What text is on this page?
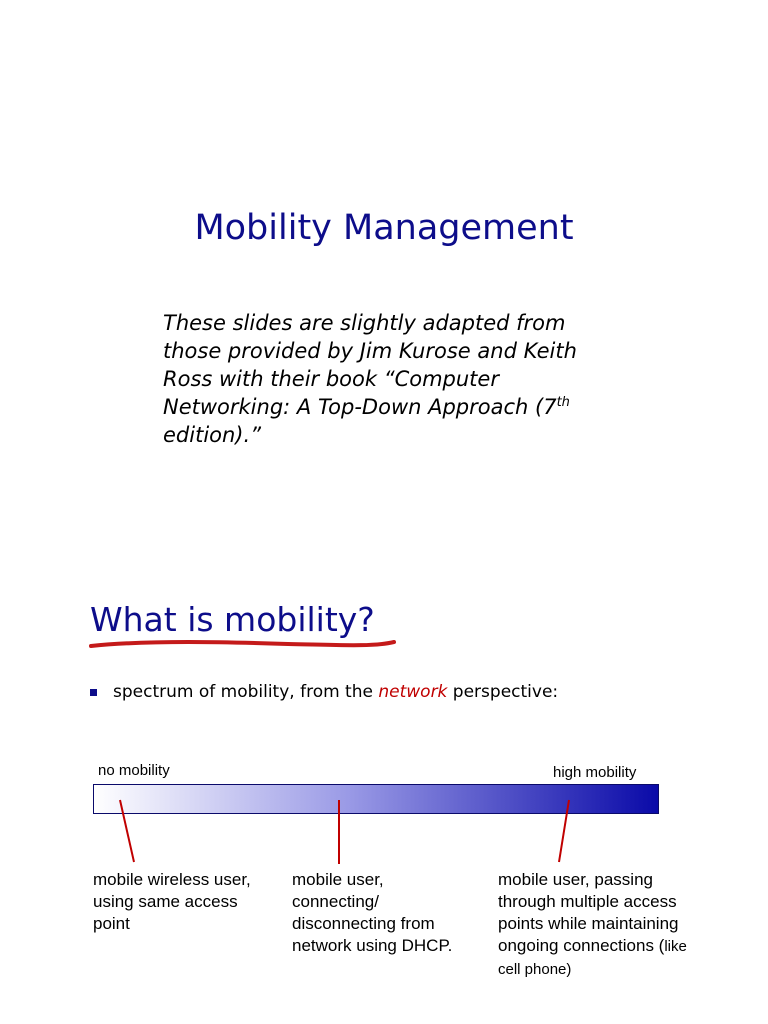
Mobility Management

These slides are slightly adapted from those provided by Jim Kurose and Keith Ross with their book “Computer Networking: A Top-Down Approach (7th edition).”

What is mobility?
spectrum of mobility, from the network perspective:
no mobility	high mobility

mobile wireless user, using same access point

mobile user, connecting/ disconnecting from network using DHCP.

mobile user, passing through multiple access points while maintaining ongoing connections (like cell phone)
